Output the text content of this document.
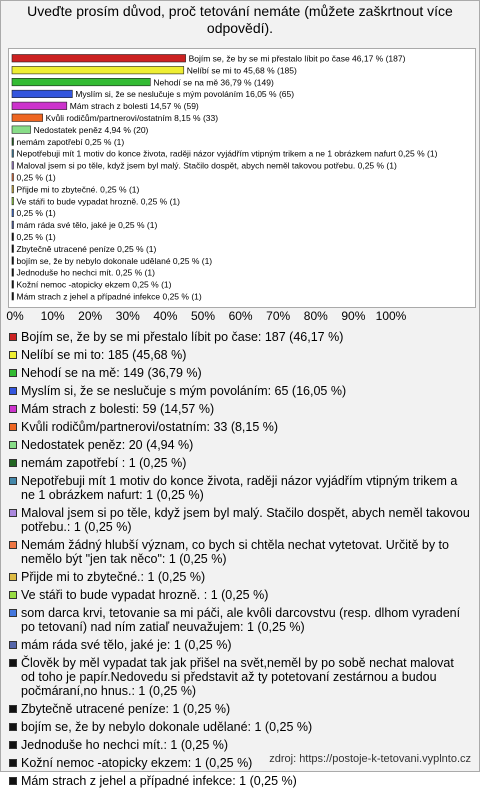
Uveďte prosím důvod, proč tetování nemáte (můžete zaškrtnout více odpovědí).
Bojím se, že by se mi přestalo líbit po čase 46,17 % (187)
Nelíbí se mi to 45,68 % (185)
Nehodí se na mě 36,79 % (149)
Myslím si, že se neslučuje s mým povoláním 16,05 % (65)
Mám strach z bolesti 14,57 % (59)
Kvůli rodičům/partnerovi/ostatním 8,15 % (33)
Nedostatek peněz 4,94 % (20)
nemám zapotřebí 0,25 % (1)
Nepotřebuji mít 1 motiv do konce života, raději názor vyjádřím vtipným trikem a ne 1 obrázkem nafurt 0,25 % (1)
Maloval jsem si po těle, když jsem byl malý. Stačilo dospět, abych neměl takovou potřebu. 0,25 % (1)
0,25 % (1)
Přijde mi to zbytečné. 0,25 % (1)
Ve stáři to bude vypadat hrozně. 0,25 % (1)
0,25 % (1)
mám ráda své tělo, jaké je 0,25 % (1)
0,25 % (1)
Zbytečně utracené peníze 0,25 % (1)
bojím se, že by nebylo dokonale udělané 0,25 % (1)
Jednoduše ho nechci mít. 0,25 % (1)
Kožní nemoc -atopicky ekzem 0,25 % (1)
Mám strach z jehel a případné infekce 0,25 % (1)
0% 10% 20% 30% 40% 50% 60% 70% 80% 90% 100%
Bojím se, že by se mi přestalo líbit po čase: 187 (46,17 %)
Nelíbí se mi to: 185 (45,68 %)
Nehodí se na mě: 149 (36,79 %)
Myslím si, že se neslučuje s mým povoláním: 65 (16,05 %)
Mám strach z bolesti: 59 (14,57 %)
Kvůli rodičům/partnerovi/ostatním: 33 (8,15 %)
Nedostatek peněz: 20 (4,94 %)
nemám zapotřebí : 1 (0,25 %)
Nepotřebuji mít 1 motiv do konce života, raději názor vyjádřím vtipným trikem a ne 1 obrázkem nafurt: 1 (0,25 %)
Maloval jsem si po těle, když jsem byl malý. Stačilo dospět, abych neměl takovou potřebu.: 1 (0,25 %)
Nemám žádný hlubší význam, co bych si chtěla nechat vytetovat. Určitě by to nemělo být "jen tak něco": 1 (0,25 %)
Přijde mi to zbytečné.: 1 (0,25 %)
Ve stáři to bude vypadat hrozně. : 1 (0,25 %)
som darca krvi, tetovanie sa mi páči, ale kvôli darcovstvu (resp. dlhom vyradení po tetovaní) nad ním zatiaľ neuvažujem: 1 (0,25 %)
mám ráda své tělo, jaké je: 1 (0,25 %)
Člověk by měl vypadat tak jak přišel na svět,neměl by po sobě nechat malovat od toho je papír.Nedovedu si představit až ty potetovaní zestárnou a budou počmáraní,no hnus.: 1 (0,25 %)
Zbytečně utracené peníze: 1 (0,25 %)
bojím se, že by nebylo dokonale udělané: 1 (0,25 %)
Jednoduše ho nechci mít.: 1 (0,25 %)
Kožní nemoc -atopicky ekzem: 1 (0,25 %)
Mám strach z jehel a případné infekce: 1 (0,25 %)
zdroj: https://postoje-k-tetovani.vyplnto.cz
